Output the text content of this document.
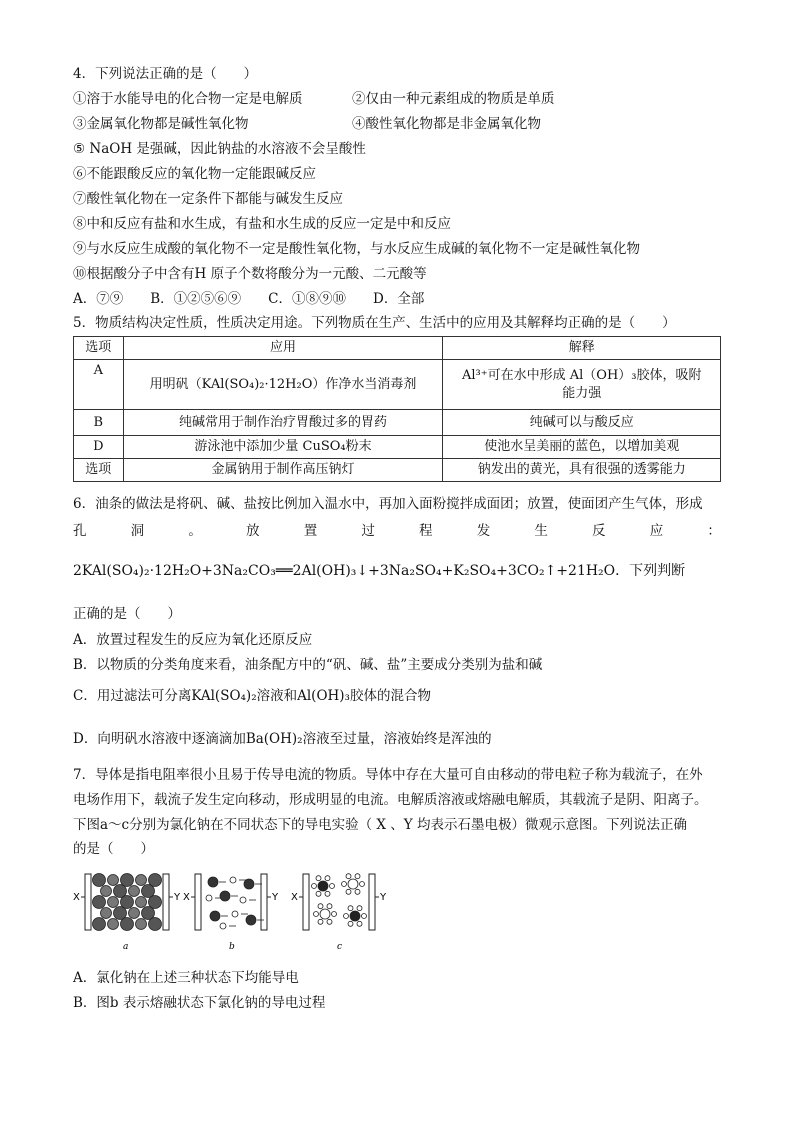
4．下列说法正确的是（　　）
①溶于水能导电的化合物一定是电解质	②仅由一种元素组成的物质是单质
③金属氧化物都是碱性氧化物	④酸性氧化物都是非金属氧化物
⑤ NaOH 是强碱，因此钠盐的水溶液不会呈酸性
⑥不能跟酸反应的氧化物一定能跟碱反应
⑦酸性氧化物在一定条件下都能与碱发生反应
⑧中和反应有盐和水生成，有盐和水生成的反应一定是中和反应
⑨与水反应生成酸的氧化物不一定是酸性氧化物，与水反应生成碱的氧化物不一定是碱性氧化物
⑩根据酸分子中含有H 原子个数将酸分为一元酸、二元酸等
A．⑦⑨　　B．①②⑤⑥⑨　　C．①⑧⑨⑩　　D．全部
5．物质结构决定性质，性质决定用途。下列物质在生产、生活中的应用及其解释均正确的是（　　）
选项	应用	解释
A	用明矾（KAl(SO₄)₂·12H₂O）作净水当消毒剂	Al³⁺可在水中形成 Al（OH）₃胶体，吸附
能力强

B	纯碱常用于制作治疗胃酸过多的胃药	纯碱可以与酸反应
D	游泳池中添加少量 CuSO₄粉末	使池水呈美丽的蓝色，以增加美观
选项	金属钠用于制作高压钠灯	钠发出的黄光，具有很强的透雾能力
6．油条的做法是将矾、碱、盐按比例加入温水中，再加入面粉搅拌成面团；放置，使面团产生气体，形成
孔	洞	。	放	置	过	程	发	生	反	应	：
2KAl(SO₄)₂·12H₂O+3Na₂CO₃══2Al(OH)₃↓+3Na₂SO₄+K₂SO₄+3CO₂↑+21H₂O．下列判断
正确的是（　　）
A．放置过程发生的反应为氧化还原反应
B．以物质的分类角度来看，油条配方中的“矾、碱、盐”主要成分类别为盐和碱
C．用过滤法可分离KAl(SO₄)₂溶液和Al(OH)₃胶体的混合物
D．向明矾水溶液中逐滴滴加Ba(OH)₂溶液至过量，溶液始终是浑浊的
7．导体是指电阻率很小且易于传导电流的物质。导体中存在大量可自由移动的带电粒子称为载流子，在外
电场作用下，载流子发生定向移动，形成明显的电流。电解质溶液或熔融电解质，其载流子是阴、阳离子。
下图a～c分别为氯化钠在不同状态下的导电实验（ X 、Y 均表示石墨电极）微观示意图。下列说法正确
的是（　　）
X	Y
a
X	Y
b
X	Y
c
A．氯化钠在上述三种状态下均能导电
B．图b 表示熔融状态下氯化钠的导电过程
